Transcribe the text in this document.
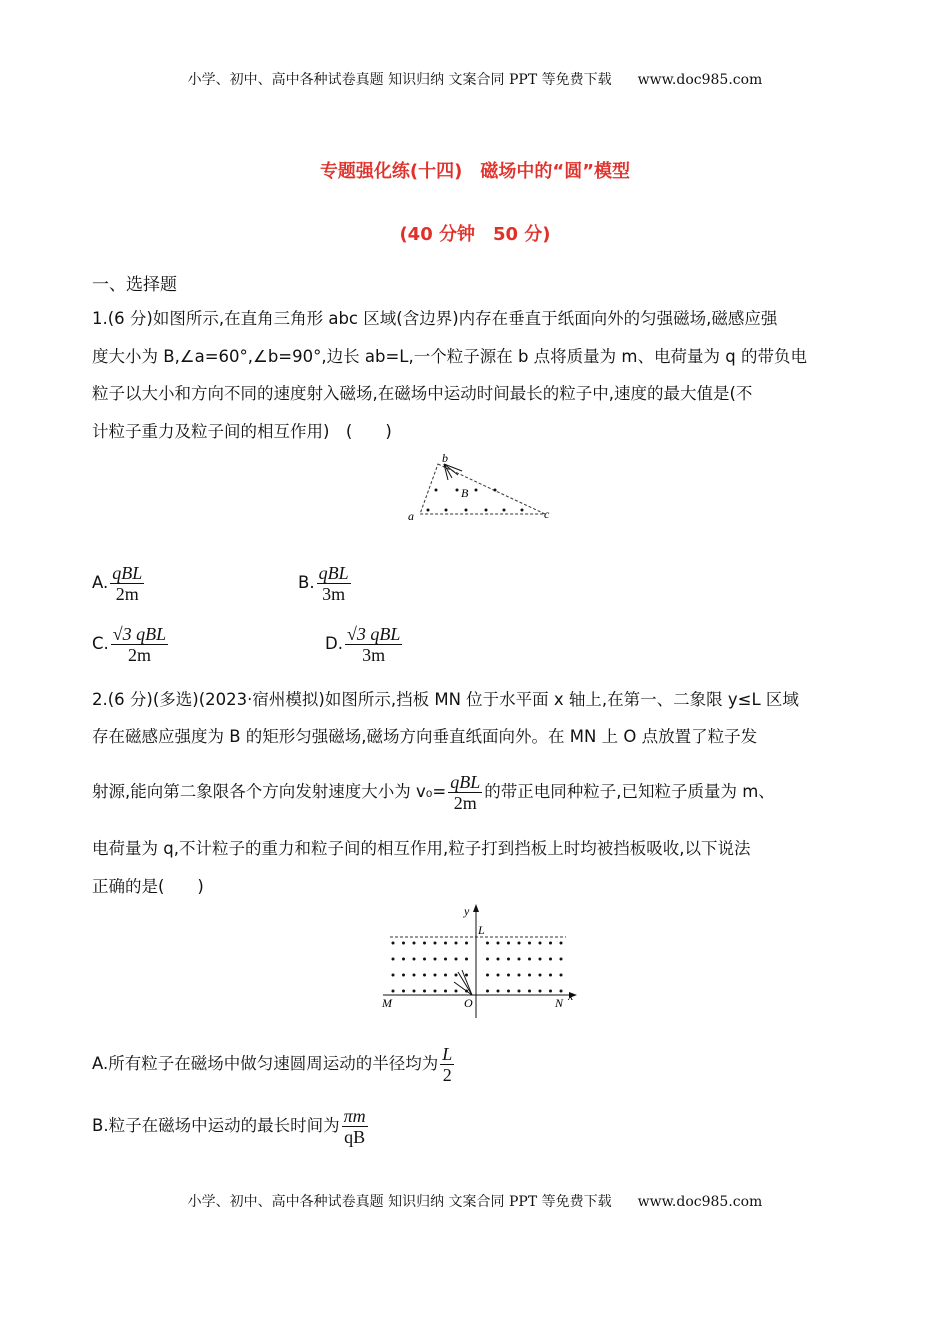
小学、初中、高中各种试卷真题 知识归纳 文案合同 PPT 等免费下载 www.doc985.com
专题强化练(十四)　磁场中的“圆”模型
(40 分钟　50 分)
一、选择题
1.(6 分)如图所示,在直角三角形 abc 区域(含边界)内存在垂直于纸面向外的匀强磁场,磁感应强
度大小为 B,∠a=60°,∠b=90°,边长 ab=L,一个粒子源在 b 点将质量为 m、电荷量为 q 的带负电
粒子以大小和方向不同的速度射入磁场,在磁场中运动时间最长的粒子中,速度的最大值是(不
计粒子重力及粒子间的相互作用)　(　　)
b
a	c
B
A. $\frac{\text{qBL}}{2m}$	B. $\frac{\text{qBL}}{3m}$
C. $\frac{\text{√3 qBL}}{2m}$	D. $\frac{\text{√3 qBL}}{3m}$
2.(6 分)(多选)(2023·宿州模拟)如图所示,挡板 MN 位于水平面 x 轴上,在第一、二象限 y≤L 区域
存在磁感应强度为 B 的矩形匀强磁场,磁场方向垂直纸面向外。在 MN 上 O 点放置了粒子发
射源,能向第二象限各个方向发射速度大小为 $v_0= \frac{\text{qBL}}{2m}$ 的带正电同种粒子,已知粒子质量为 m、
电荷量为 q,不计粒子的重力和粒子间的相互作用,粒子打到挡板上时均被挡板吸收,以下说法
正确的是(　　)
y
L
M	O	N x
A.所有粒子在磁场中做匀速圆周运动的半径均为 $\frac{L}{2}$
B.粒子在磁场中运动的最长时间为 $\frac{\pi m}{qB}$
小学、初中、高中各种试卷真题 知识归纳 文案合同 PPT 等免费下载 www.doc985.com
